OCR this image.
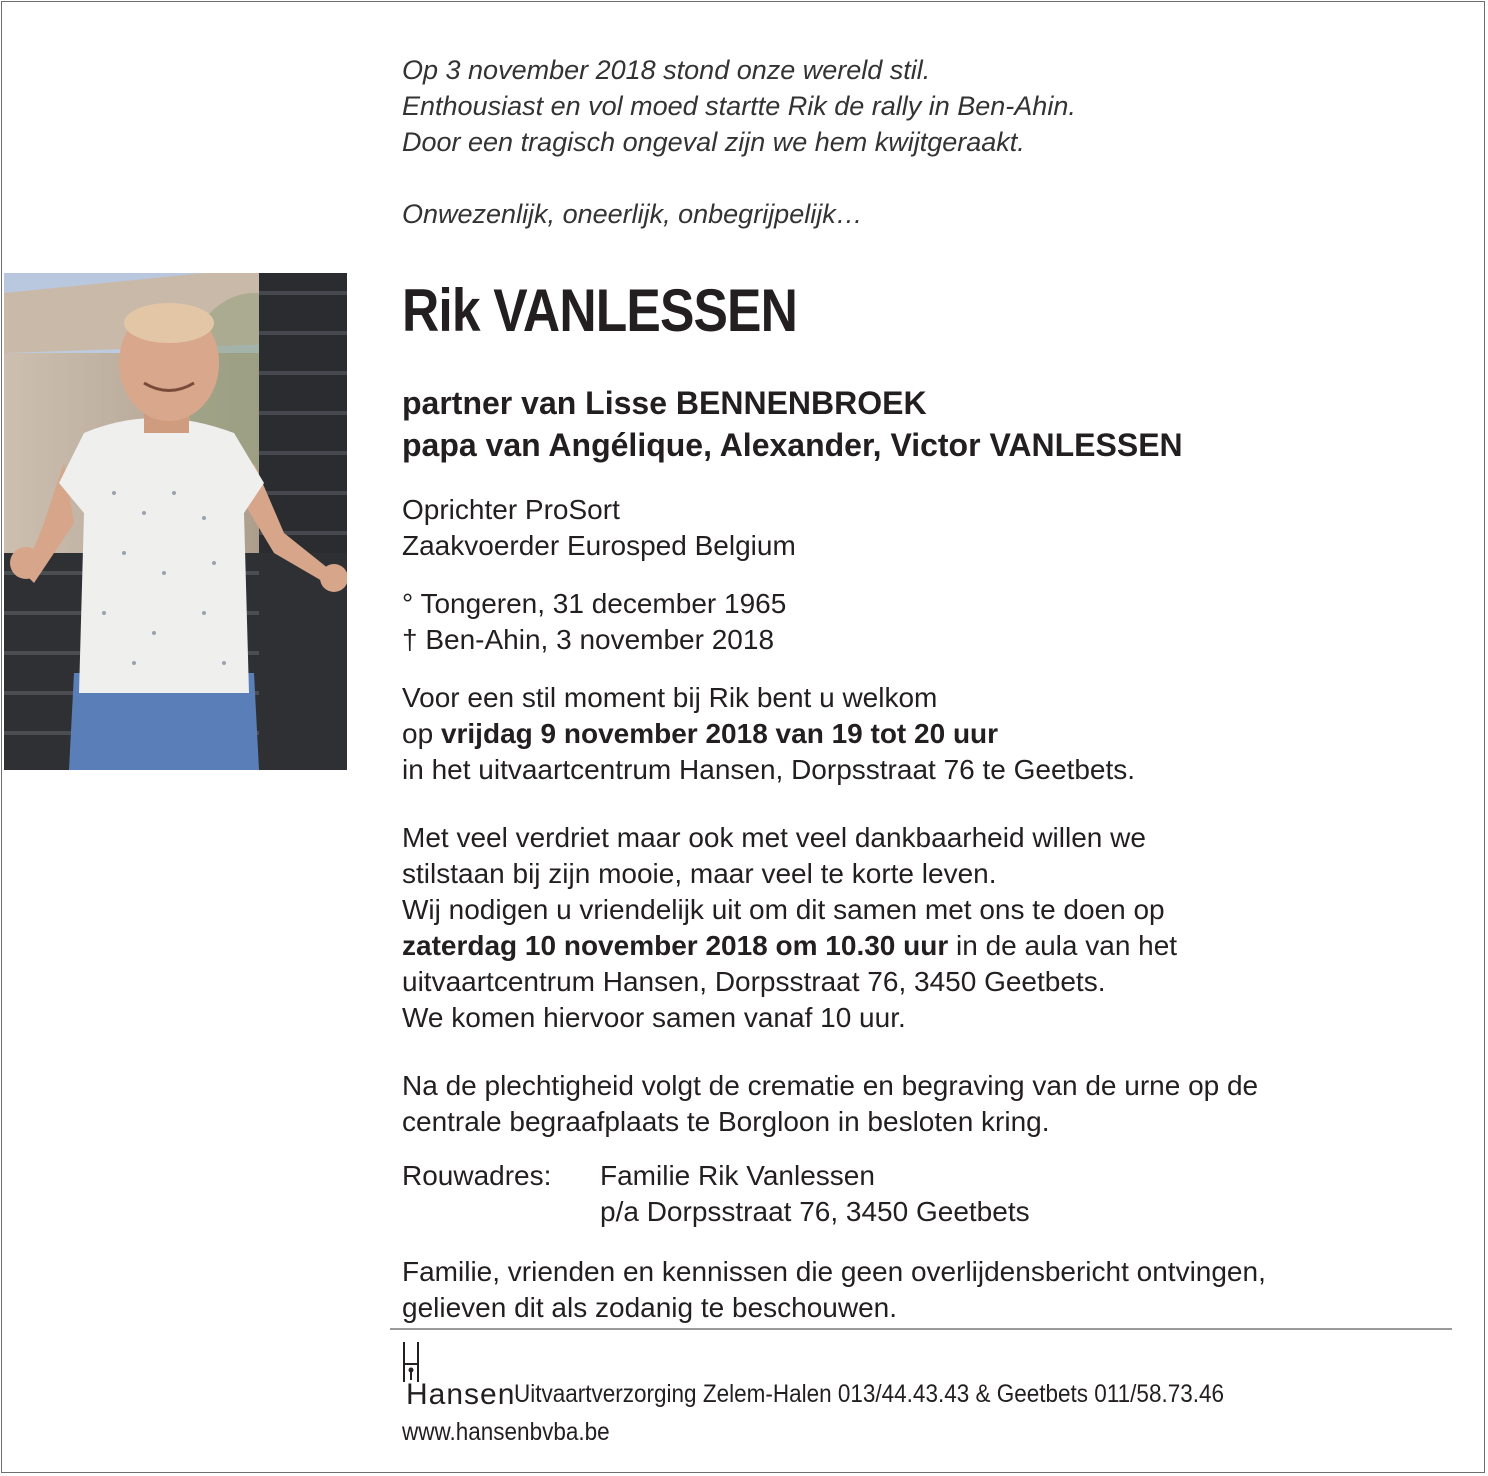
Op 3 november 2018 stond onze wereld stil.

Enthousiast en vol moed startte Rik de rally in Ben-Ahin.

Door een tragisch ongeval zijn we hem kwijtgeraakt.

Onwezenlijk, oneerlijk, onbegrijpelijk…

Rik VANLESSEN

partner van Lisse BENNENBROEK

papa van Angélique, Alexander, Victor VANLESSEN

Oprichter ProSort

Zaakvoerder Eurosped Belgium

° Tongeren, 31 december 1965

† Ben-Ahin, 3 november 2018

Voor een stil moment bij Rik bent u welkom

op vrijdag 9 november 2018 van 19 tot 20 uur

in het uitvaartcentrum Hansen, Dorpsstraat 76 te Geetbets.

Met veel verdriet maar ook met veel dankbaarheid willen we

stilstaan bij zijn mooie, maar veel te korte leven.

Wij nodigen u vriendelijk uit om dit samen met ons te doen op

zaterdag 10 november 2018 om 10.30 uur in de aula van het

uitvaartcentrum Hansen, Dorpsstraat 76, 3450 Geetbets.

We komen hiervoor samen vanaf 10 uur.

Na de plechtigheid volgt de crematie en begraving van de urne op de

centrale begraafplaats te Borgloon in besloten kring.

Rouwadres: Familie Rik Vanlessen

p/a Dorpsstraat 76, 3450 Geetbets

Familie, vrienden en kennissen die geen overlijdensbericht ontvingen,

gelieven dit als zodanig te beschouwen.

Hansen
Uitvaartverzorging Zelem-Halen 013/44.43.43 & Geetbets 011/58.73.46
www.hansenbvba.be
